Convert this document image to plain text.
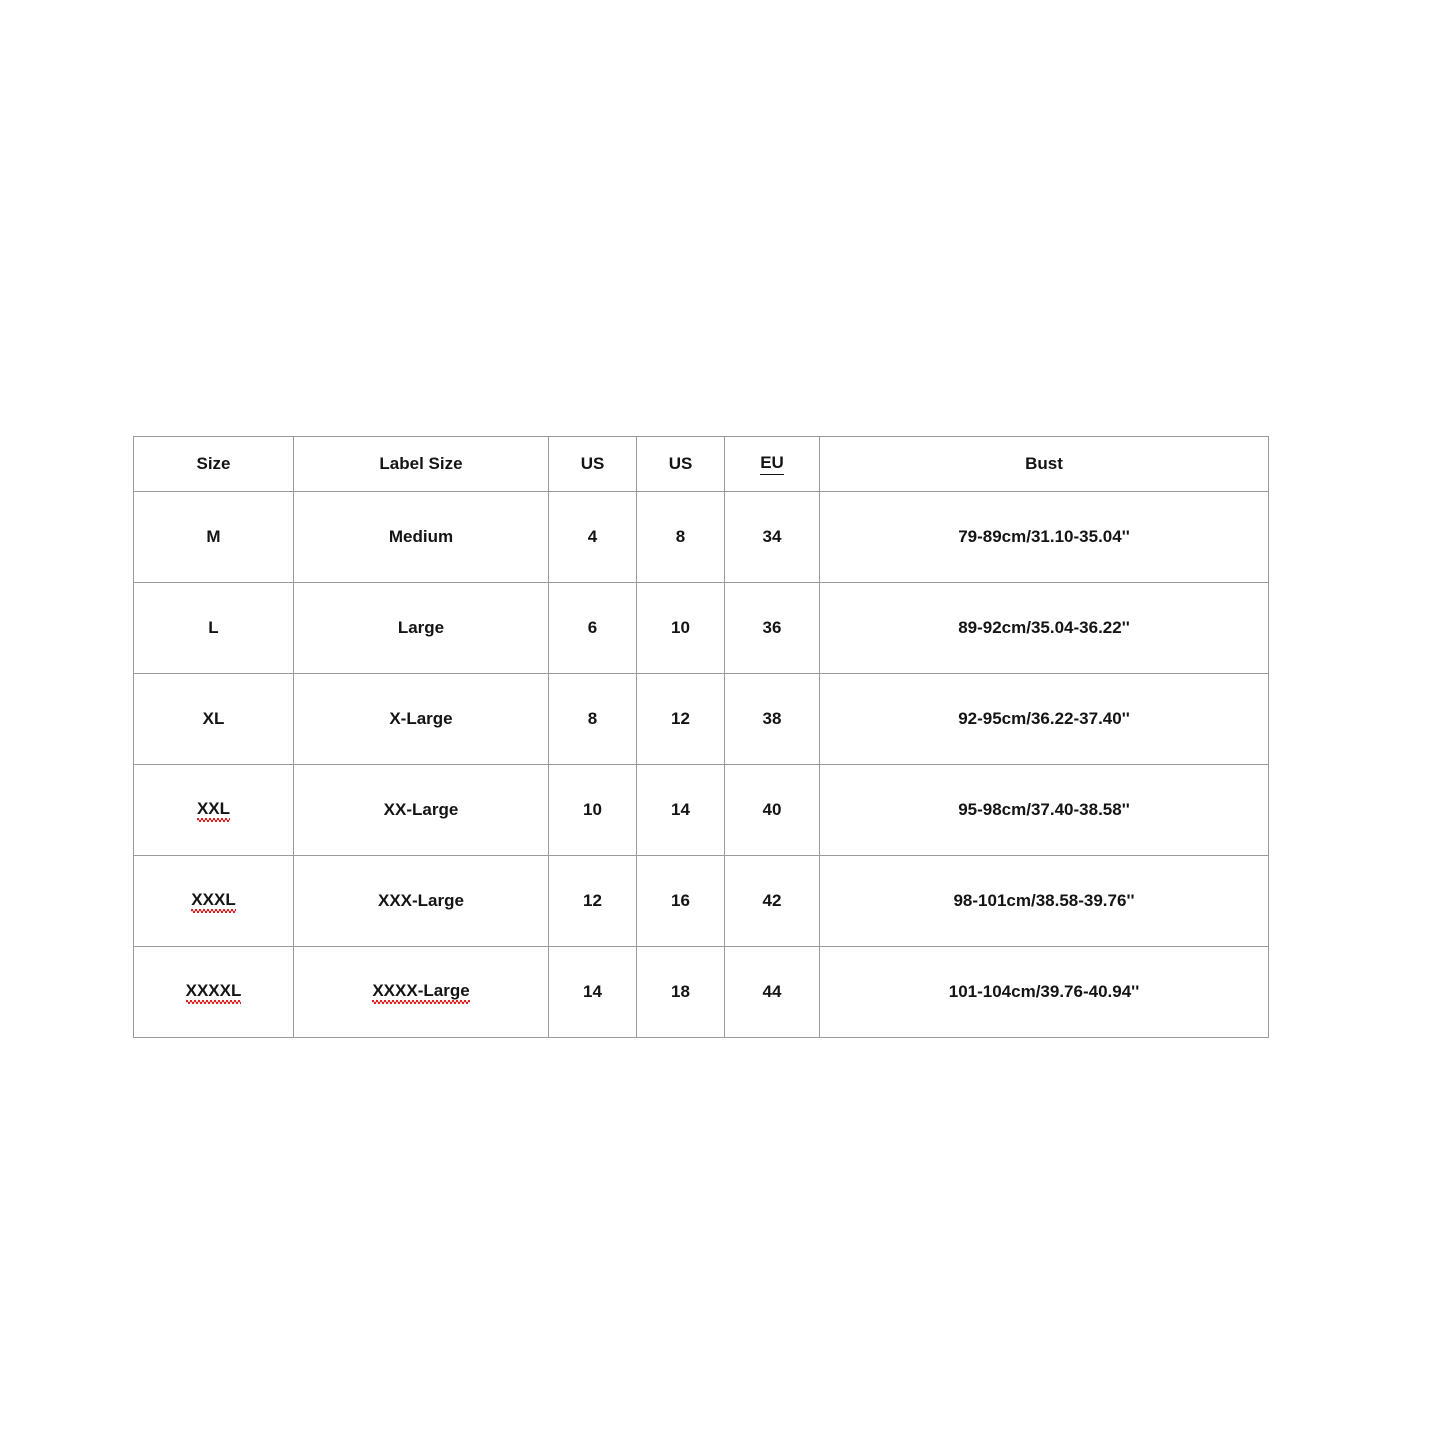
Size	Label Size	US	US	EU	Bust
M	Medium	4	8	34	79-89cm/31.10-35.04''
L	Large	6	10	36	89-92cm/35.04-36.22''
XL	X-Large	8	12	38	92-95cm/36.22-37.40''
XXL	XX-Large	10	14	40	95-98cm/37.40-38.58''
XXXL	XXX-Large	12	16	42	98-101cm/38.58-39.76''
XXXXL	XXXX-Large	14	18	44	101-104cm/39.76-40.94''
